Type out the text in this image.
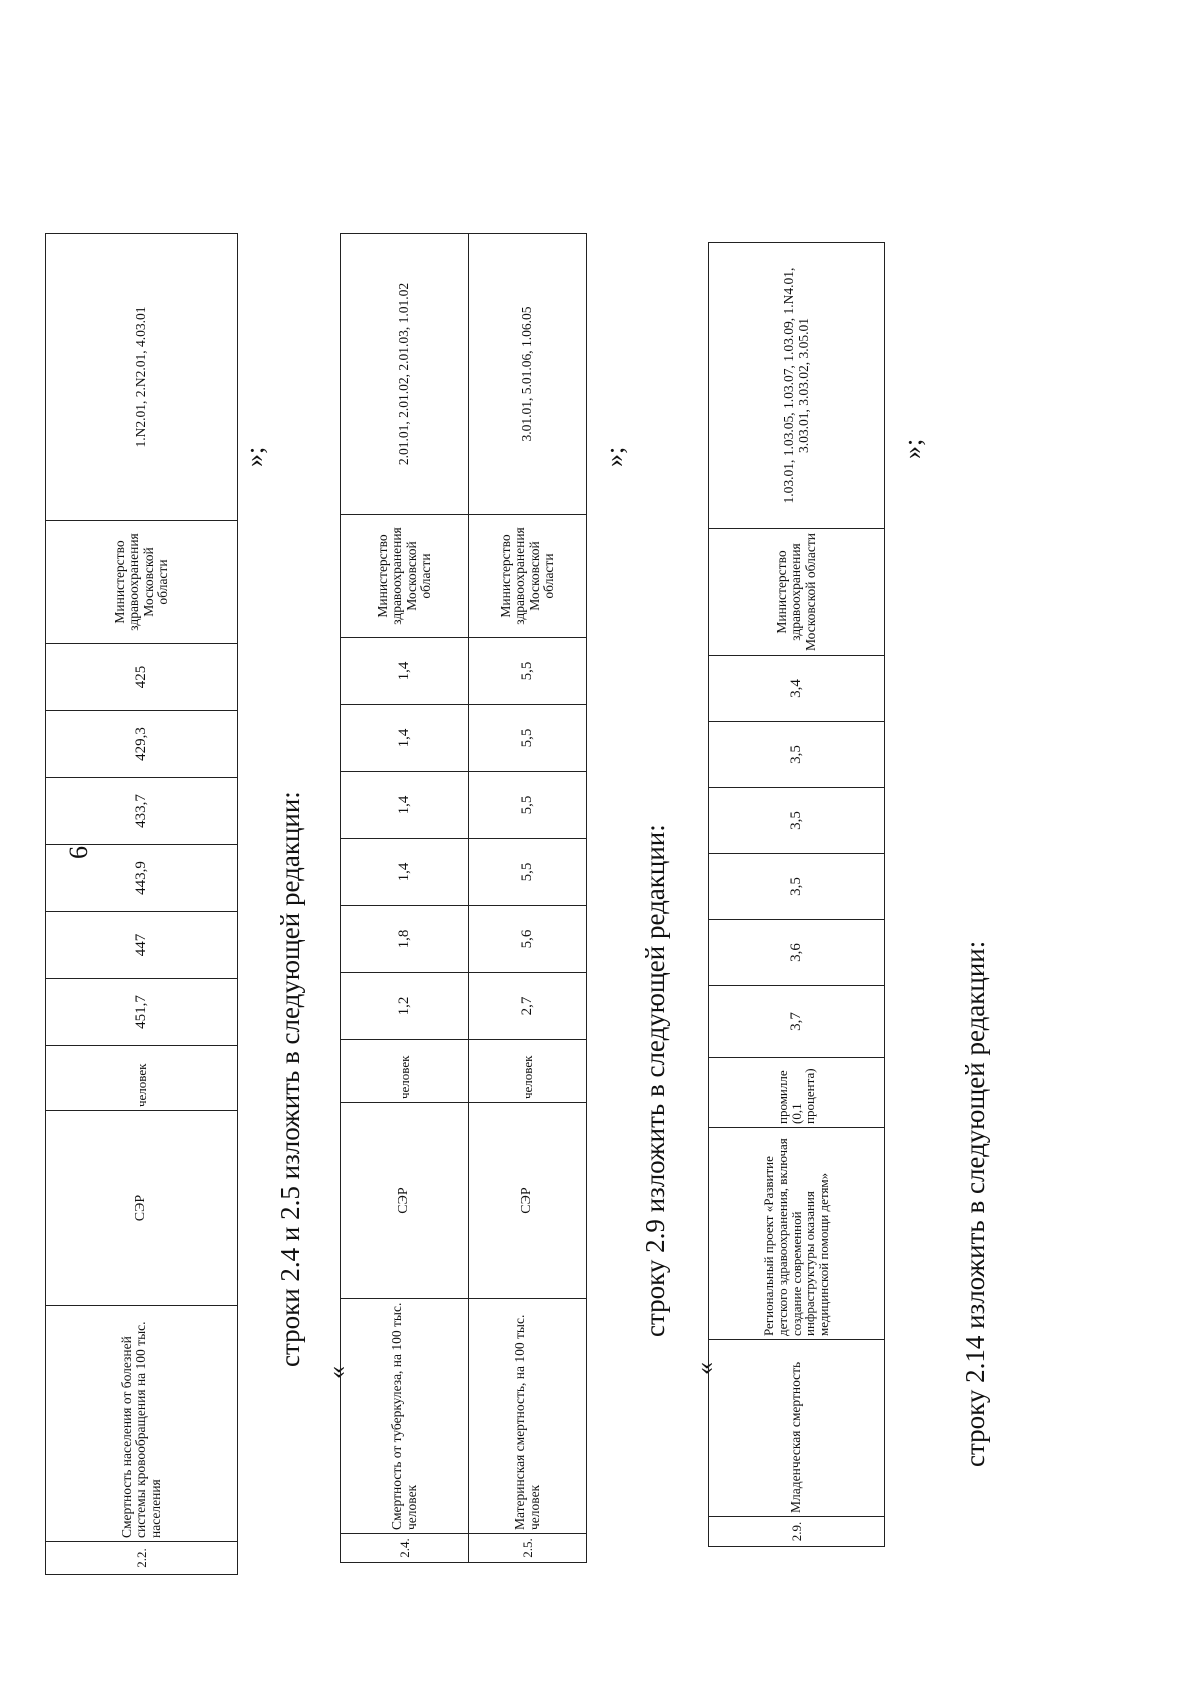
6
2.2.	Смертность населения от болезней системы кровообращения на 100 тыс. населения	СЭР	человек	451,7	447	443,9	433,7	429,3	425	Министерство здравоохранения Московской области	1.N2.01, 2.N2.01, 4.03.01
»;
строки 2.4 и 2.5 изложить в следующей редакции:
«
2.4.	Смертность от туберкулеза, на 100 тыс. человек	СЭР	человек	1,2	1,8	1,4	1,4	1,4	1,4	Министерство здравоохранения Московской области	2.01.01, 2.01.02, 2.01.03, 1.01.02
2.5.	Материнская смертность, на 100 тыс. человек	СЭР	человек	2,7	5,6	5,5	5,5	5,5	5,5	Министерство здравоохранения Московской области	3.01.01, 5.01.06, 1.06.05
»;
строку 2.9 изложить в следующей редакции:
«
2.9.	Младенческая смертность	Региональный проект «Развитие детского здравоохранения, включая создание современной инфраструктуры оказания медицинской помощи детям»	промилле (0,1 процента)	3,7	3,6	3,5	3,5	3,5	3,4	Министерство здравоохранения Московской области	1.03.01, 1.03.05, 1.03.07, 1.03.09, 1.N4.01, 3.03.01, 3.03.02, 3.05.01	»;
строку 2.14 изложить в следующей редакции:
